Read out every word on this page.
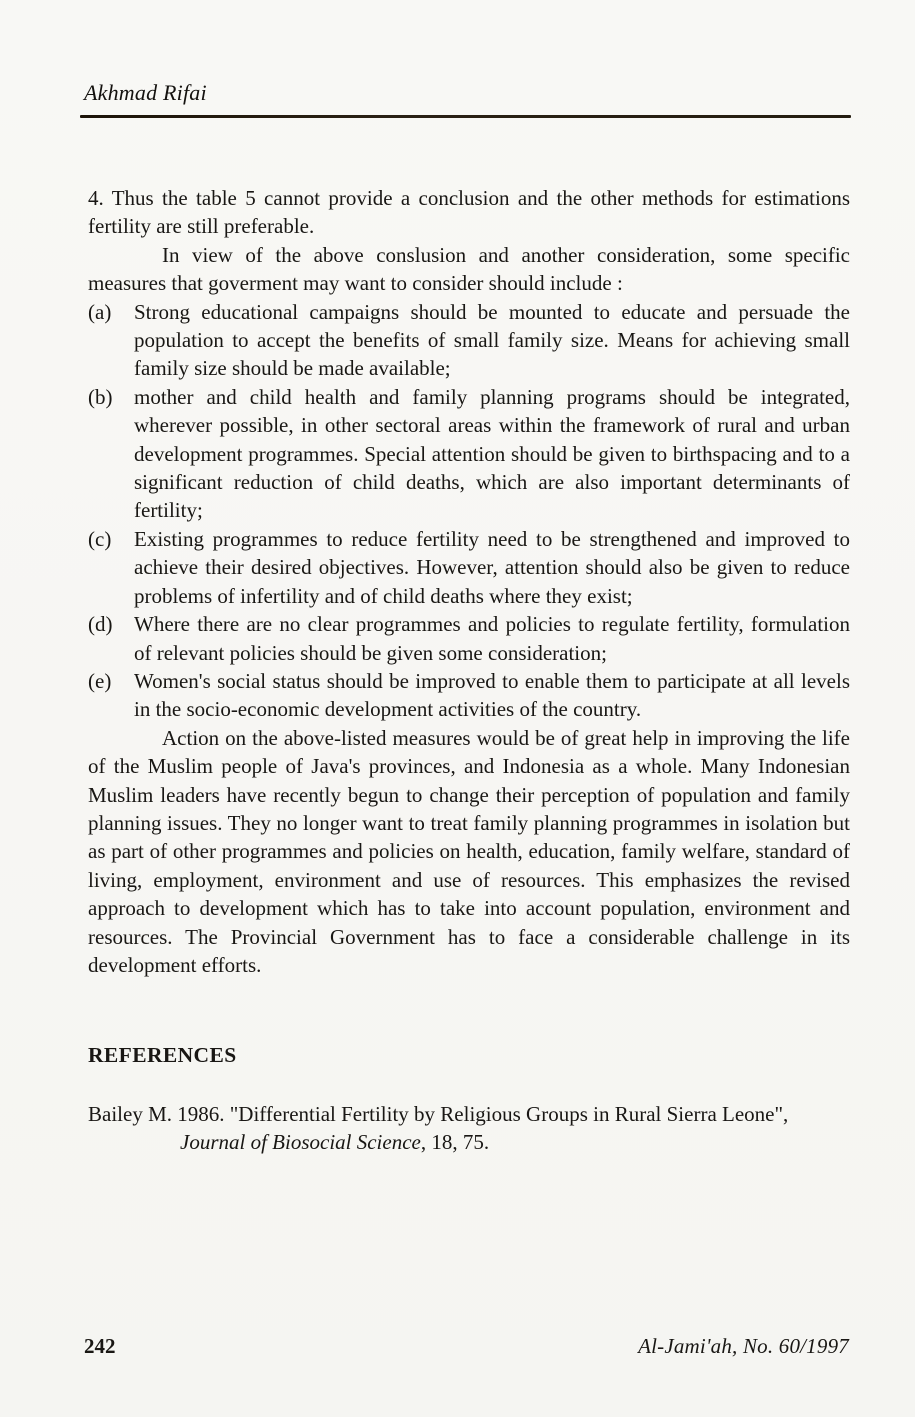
Akhmad Rifai

4. Thus the table 5 cannot provide a conclusion and the other methods for estimations fertility are still preferable.

In view of the above conslusion and another consideration, some specific measures that goverment may want to consider should include :

(a) Strong educational campaigns should be mounted to educate and persuade the population to accept the benefits of small family size. Means for achieving small family size should be made available;
(b) mother and child health and family planning programs should be integrated, wherever possible, in other sectoral areas within the framework of rural and urban development programmes. Special attention should be given to birthspacing and to a significant reduction of child deaths, which are also important determinants of fertility;
(c) Existing programmes to reduce fertility need to be strengthened and improved to achieve their desired objectives. However, attention should also be given to reduce problems of infertility and of child deaths where they exist;
(d) Where there are no clear programmes and policies to regulate fertility, formulation of relevant policies should be given some consideration;
(e) Women's social status should be improved to enable them to participate at all levels in the socio-economic development activities of the country.

Action on the above-listed measures would be of great help in improving the life of the Muslim people of Java's provinces, and Indonesia as a whole. Many Indonesian Muslim leaders have recently begun to change their perception of population and family planning issues. They no longer want to treat family planning programmes in isolation but as part of other programmes and policies on health, education, family welfare, standard of living, employment, environment and use of resources. This emphasizes the revised approach to development which has to take into account population, environment and resources. The Provincial Government has to face a considerable challenge in its development efforts.

REFERENCES

Bailey M. 1986. "Differential Fertility by Religious Groups in Rural Sierra Leone", Journal of Biosocial Science, 18, 75.

242	Al-Jami'ah, No. 60/1997
